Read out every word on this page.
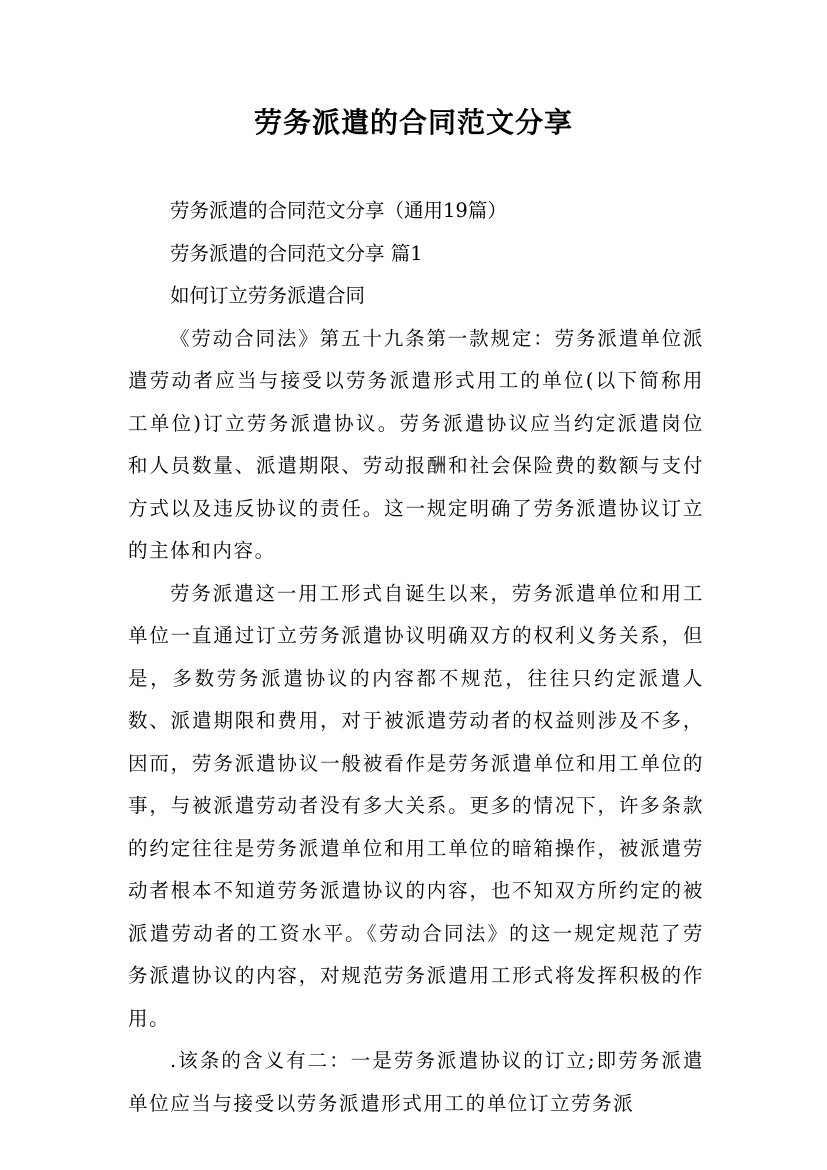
劳务派遣的合同范文分享

劳务派遣的合同范文分享（通用19篇）

劳务派遣的合同范文分享 篇1

如何订立劳务派遣合同

《劳动合同法》第五十九条第一款规定：劳务派遣单位派遣劳动者应当与接受以劳务派遣形式用工的单位(以下简称用工单位)订立劳务派遣协议。劳务派遣协议应当约定派遣岗位和人员数量、派遣期限、劳动报酬和社会保险费的数额与支付方式以及违反协议的责任。这一规定明确了劳务派遣协议订立的主体和内容。

劳务派遣这一用工形式自诞生以来，劳务派遣单位和用工单位一直通过订立劳务派遣协议明确双方的权利义务关系，但是，多数劳务派遣协议的内容都不规范，往往只约定派遣人数、派遣期限和费用，对于被派遣劳动者的权益则涉及不多，因而，劳务派遣协议一般被看作是劳务派遣单位和用工单位的事，与被派遣劳动者没有多大关系。更多的情况下，许多条款的约定往往是劳务派遣单位和用工单位的暗箱操作，被派遣劳动者根本不知道劳务派遣协议的内容，也不知双方所约定的被派遣劳动者的工资水平。《劳动合同法》的这一规定规范了劳务派遣协议的内容，对规范劳务派遣用工形式将发挥积极的作用。

.该条的含义有二：一是劳务派遣协议的订立;即劳务派遣单位应当与接受以劳务派遣形式用工的单位订立劳务派
